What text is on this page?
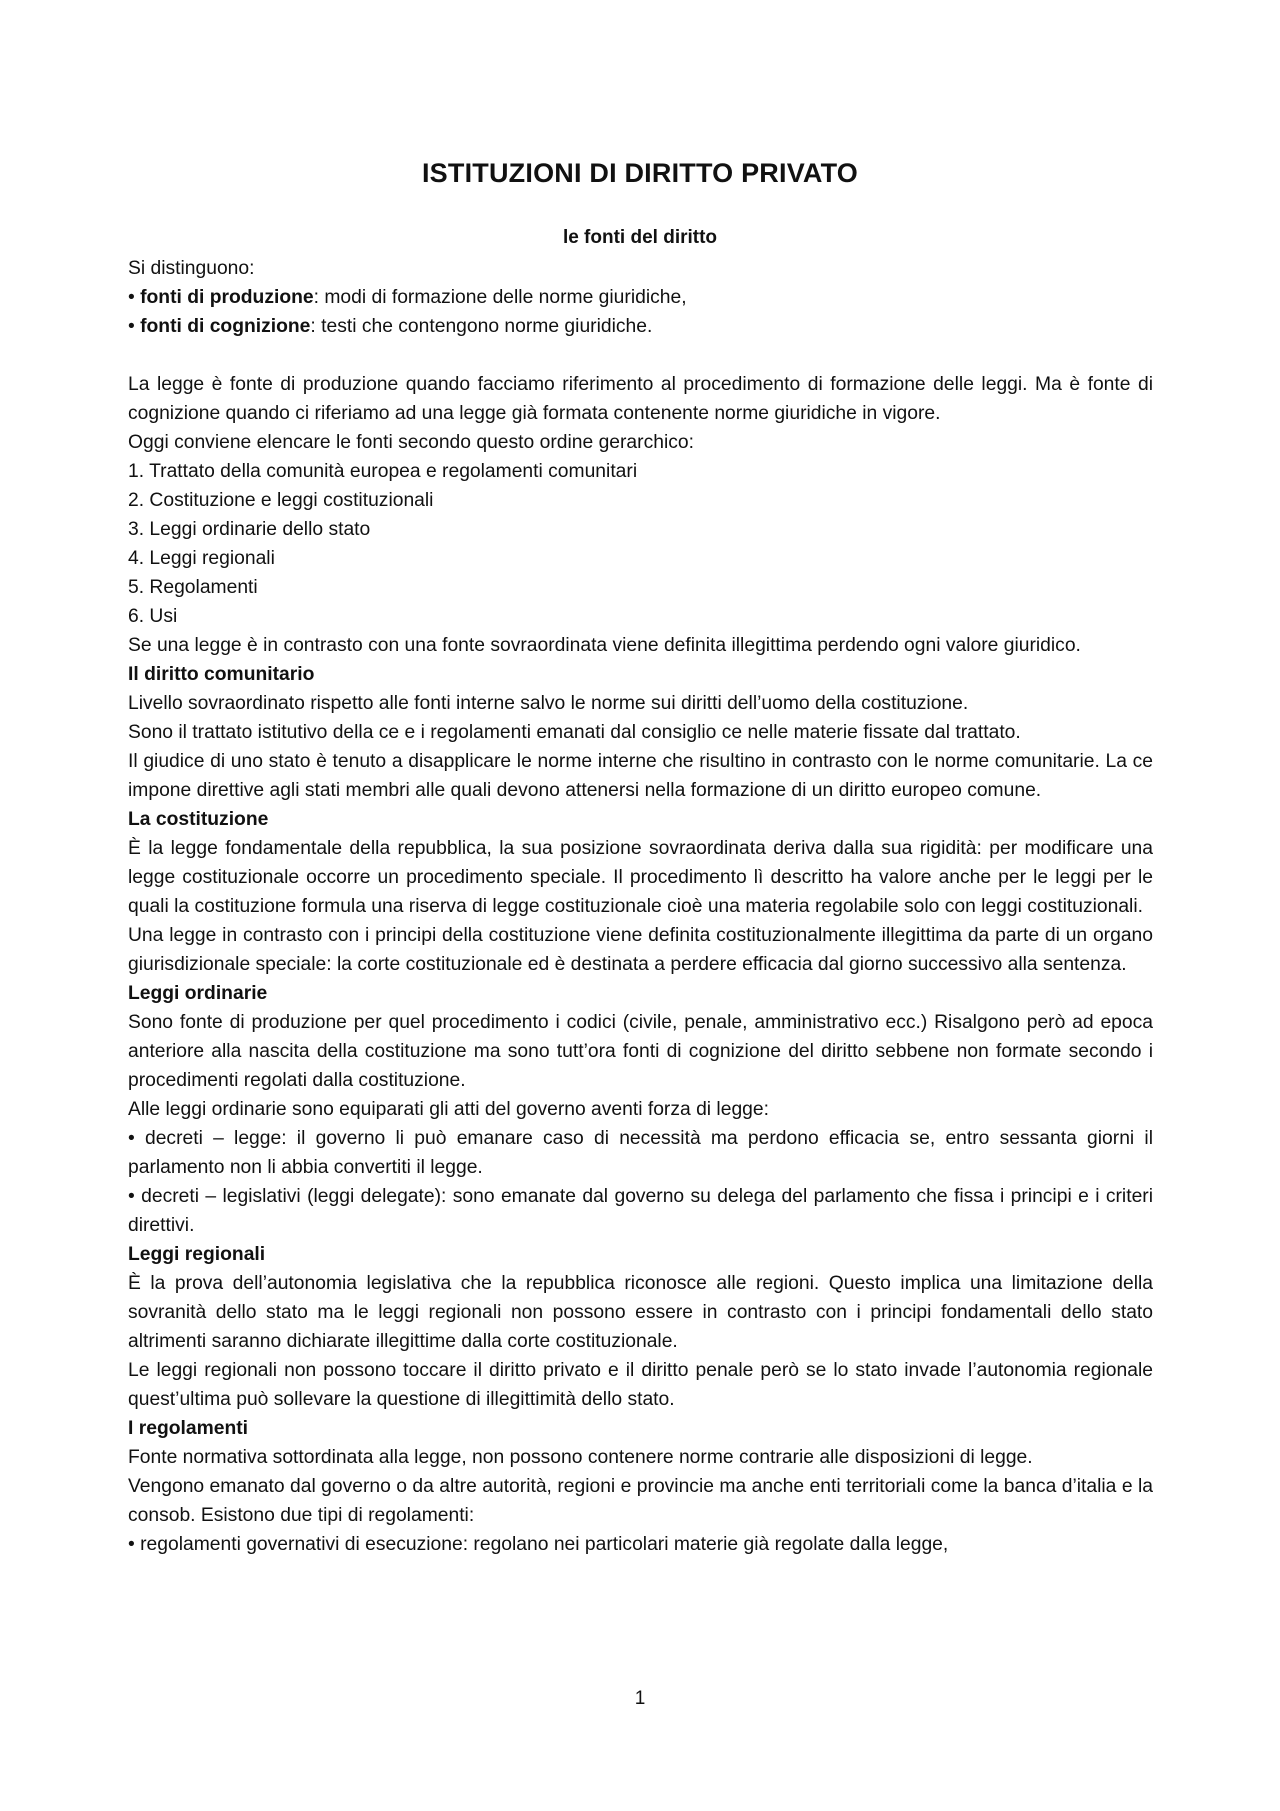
ISTITUZIONI DI DIRITTO PRIVATO
le fonti del diritto

Si distinguono:

• fonti di produzione: modi di formazione delle norme giuridiche,

• fonti di cognizione: testi che contengono norme giuridiche.

La legge è fonte di produzione quando facciamo riferimento al procedimento di formazione delle leggi. Ma è fonte di cognizione quando ci riferiamo ad una legge già formata contenente norme giuridiche in vigore.

Oggi conviene elencare le fonti secondo questo ordine gerarchico:

1. Trattato della comunità europea e regolamenti comunitari

2. Costituzione e leggi costituzionali

3. Leggi ordinarie dello stato

4. Leggi regionali

5. Regolamenti

6. Usi

Se una legge è in contrasto con una fonte sovraordinata viene definita illegittima perdendo ogni valore giuridico.

Il diritto comunitario

Livello sovraordinato rispetto alle fonti interne salvo le norme sui diritti dell’uomo della costituzione.

Sono il trattato istitutivo della ce e i regolamenti emanati dal consiglio ce nelle materie fissate dal trattato.

Il giudice di uno stato è tenuto a disapplicare le norme interne che risultino in contrasto con le norme comunitarie. La ce impone direttive agli stati membri alle quali devono attenersi nella formazione di un diritto europeo comune.

La costituzione

È la legge fondamentale della repubblica, la sua posizione sovraordinata deriva dalla sua rigidità: per modificare una legge costituzionale occorre un procedimento speciale. Il procedimento lì descritto ha valore anche per le leggi per le quali la costituzione formula una riserva di legge costituzionale cioè una materia regolabile solo con leggi costituzionali.

Una legge in contrasto con i principi della costituzione viene definita costituzionalmente illegittima da parte di un organo giurisdizionale speciale: la corte costituzionale ed è destinata a perdere efficacia dal giorno successivo alla sentenza.

Leggi ordinarie

Sono fonte di produzione per quel procedimento i codici (civile, penale, amministrativo ecc.) Risalgono però ad epoca anteriore alla nascita della costituzione ma sono tutt’ora fonti di cognizione del diritto sebbene non formate secondo i procedimenti regolati dalla costituzione.

Alle leggi ordinarie sono equiparati gli atti del governo aventi forza di legge:

• decreti – legge: il governo li può emanare caso di necessità ma perdono efficacia se, entro sessanta giorni il parlamento non li abbia convertiti il legge.

• decreti – legislativi (leggi delegate): sono emanate dal governo su delega del parlamento che fissa i principi e i criteri direttivi.

Leggi regionali

È la prova dell’autonomia legislativa che la repubblica riconosce alle regioni. Questo implica una limitazione della sovranità dello stato ma le leggi regionali non possono essere in contrasto con i principi fondamentali dello stato altrimenti saranno dichiarate illegittime dalla corte costituzionale.

Le leggi regionali non possono toccare il diritto privato e il diritto penale però se lo stato invade l’autonomia regionale quest’ultima può sollevare la questione di illegittimità dello stato.

I regolamenti

Fonte normativa sottordinata alla legge, non possono contenere norme contrarie alle disposizioni di legge.

Vengono emanato dal governo o da altre autorità, regioni e provincie ma anche enti territoriali come la banca d’italia e la consob. Esistono due tipi di regolamenti:

• regolamenti governativi di esecuzione: regolano nei particolari materie già regolate dalla legge,

1
